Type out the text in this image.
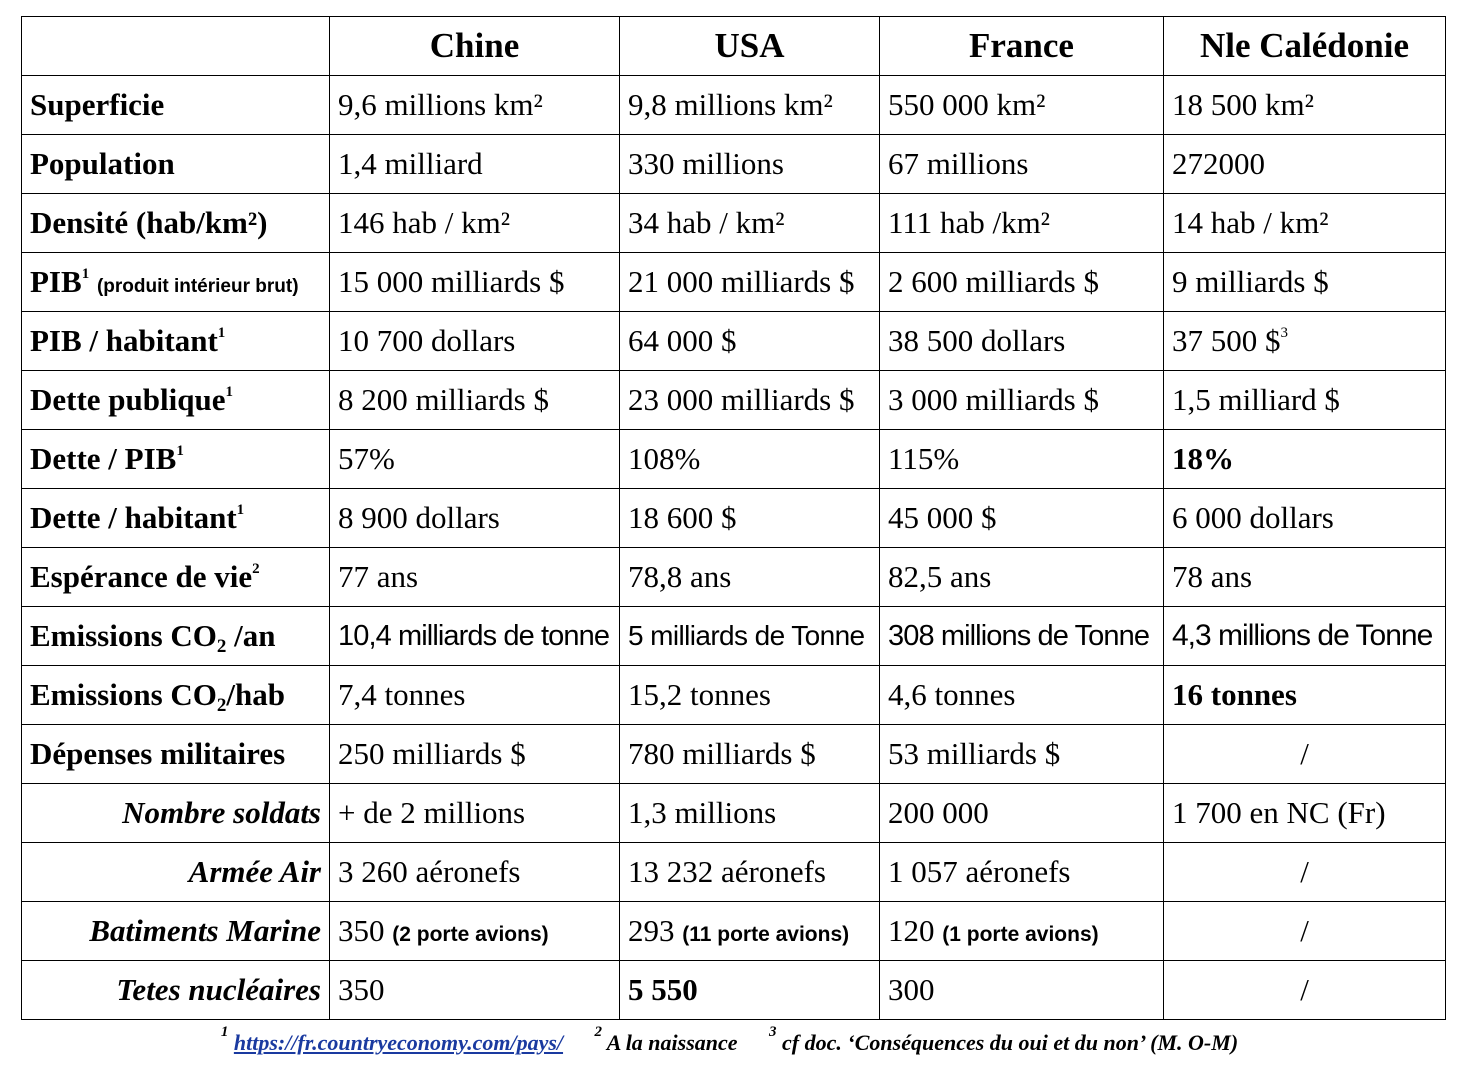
	Chine	USA	France	Nle Calédonie
Superficie	9,6 millions km²	9,8 millions km²	550 000 km²	18 500 km²
Population	1,4 milliard	330 millions	67 millions	272000
Densité (hab/km²)	146 hab / km²	34 hab / km²	111 hab /km²	14 hab / km²
PIB$^1$ (produit intérieur brut)	15 000 milliards $	21 000 milliards $	2 600 milliards $	9 milliards $
PIB / habitant$^1$	10 700 dollars	64 000 $	38 500 dollars	37 500 \$$^3$
Dette publique$^1$	8 200 milliards $	23 000 milliards $	3 000 milliards $	1,5 milliard $
Dette / PIB$^1$	57%	108%	115%	18%
Dette / habitant$^1$	8 900 dollars	18 600 $	45 000 $	6 000 dollars
Espérance de vie$^2$	77 ans	78,8 ans	82,5 ans	78 ans
Emissions $CO_2$ /an	10,4 milliards de tonne	5 milliards de Tonne	308 millions de Tonne	4,3 millions de Tonne
Emissions $CO_2$/hab	7,4 tonnes	15,2 tonnes	4,6 tonnes	16 tonnes
Dépenses militaires	250 milliards $	780 milliards $	53 milliards $	/
Nombre soldats	+ de 2 millions	1,3 millions	200 000	1 700 en NC (Fr)
Armée Air	3 260 aéronefs	13 232 aéronefs	1 057 aéronefs	/
Batiments Marine	350 (2 porte avions)	293 (11 porte avions)	120 (1 porte avions)	/
Tetes nucléaires	350	5 550	300	/
$^1$ https://fr.countryeconomy.com/pays/ $^2$ A la naissance $^3$ cf doc. ‘Conséquences du oui et du non’ (M. O-M)
